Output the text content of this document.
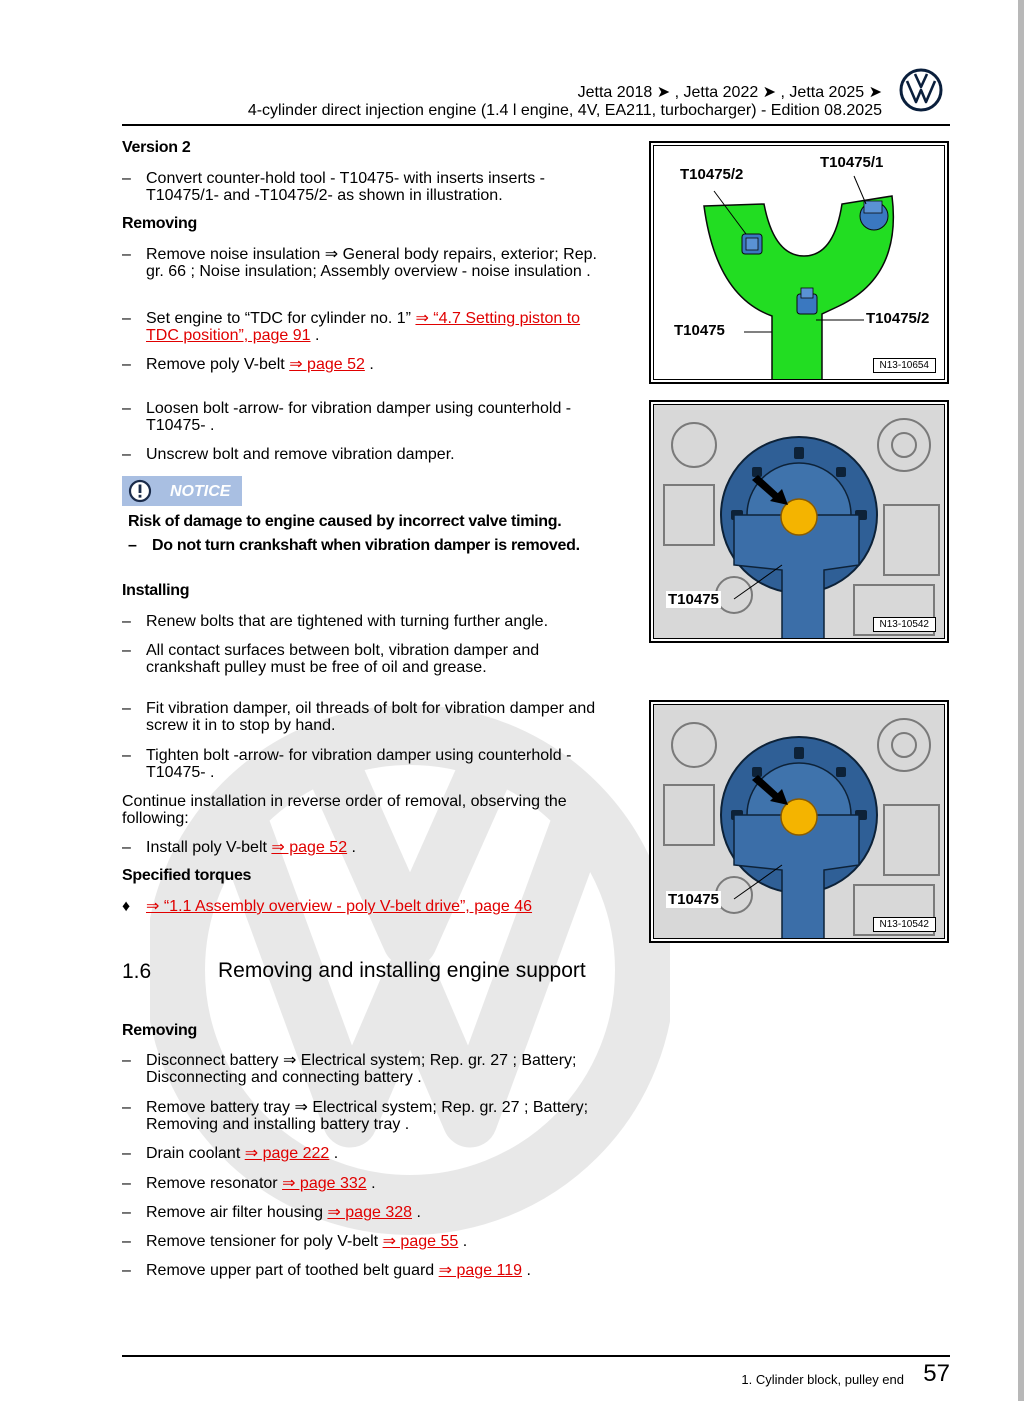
Jetta 2018 ➤ , Jetta 2022 ➤ , Jetta 2025 ➤
4-cylinder direct injection engine (1.4 l engine, 4V, EA211, turbocharger) - Edition 08.2025
Version 2
– Convert counter-hold tool - T10475- with inserts inserts -T10475/1- and -T10475/2- as shown in illustration.
Removing
– Remove noise insulation ⇒ General body repairs, exterior; Rep. gr. 66 ; Noise insulation; Assembly overview - noise insulation .
– Set engine to “TDC for cylinder no. 1” ⇒ “4.7 Setting piston to TDC position”, page 91 .
– Remove poly V-belt ⇒ page 52 .
– Loosen bolt -arrow- for vibration damper using counterhold -T10475- .
– Unscrew bolt and remove vibration damper.
NOTICE
Risk of damage to engine caused by incorrect valve timing.
– Do not turn crankshaft when vibration damper is removed.
Installing
– Renew bolts that are tightened with turning further angle.
– All contact surfaces between bolt, vibration damper and crankshaft pulley must be free of oil and grease.
– Fit vibration damper, oil threads of bolt for vibration damper and screw it in to stop by hand.
– Tighten bolt -arrow- for vibration damper using counterhold -T10475- .
Continue installation in reverse order of removal, observing the following:
– Install poly V-belt ⇒ page 52 .
Specified torques
♦ ⇒ “1.1 Assembly overview - poly V-belt drive”, page 46
1.6	Removing and installing engine support
Removing
– Disconnect battery ⇒ Electrical system; Rep. gr. 27 ; Battery; Disconnecting and connecting battery .
– Remove battery tray ⇒ Electrical system; Rep. gr. 27 ; Battery; Removing and installing battery tray .
– Drain coolant ⇒ page 222 .
– Remove resonator ⇒ page 332 .
– Remove air filter housing ⇒ page 328 .
– Remove tensioner for poly V-belt ⇒ page 55 .
– Remove upper part of toothed belt guard ⇒ page 119 .
T10475/2
T10475/1
T10475
T10475/2
N13-10654
T10475
N13-10542
T10475
N13-10542
1. Cylinder block, pulley end 57
